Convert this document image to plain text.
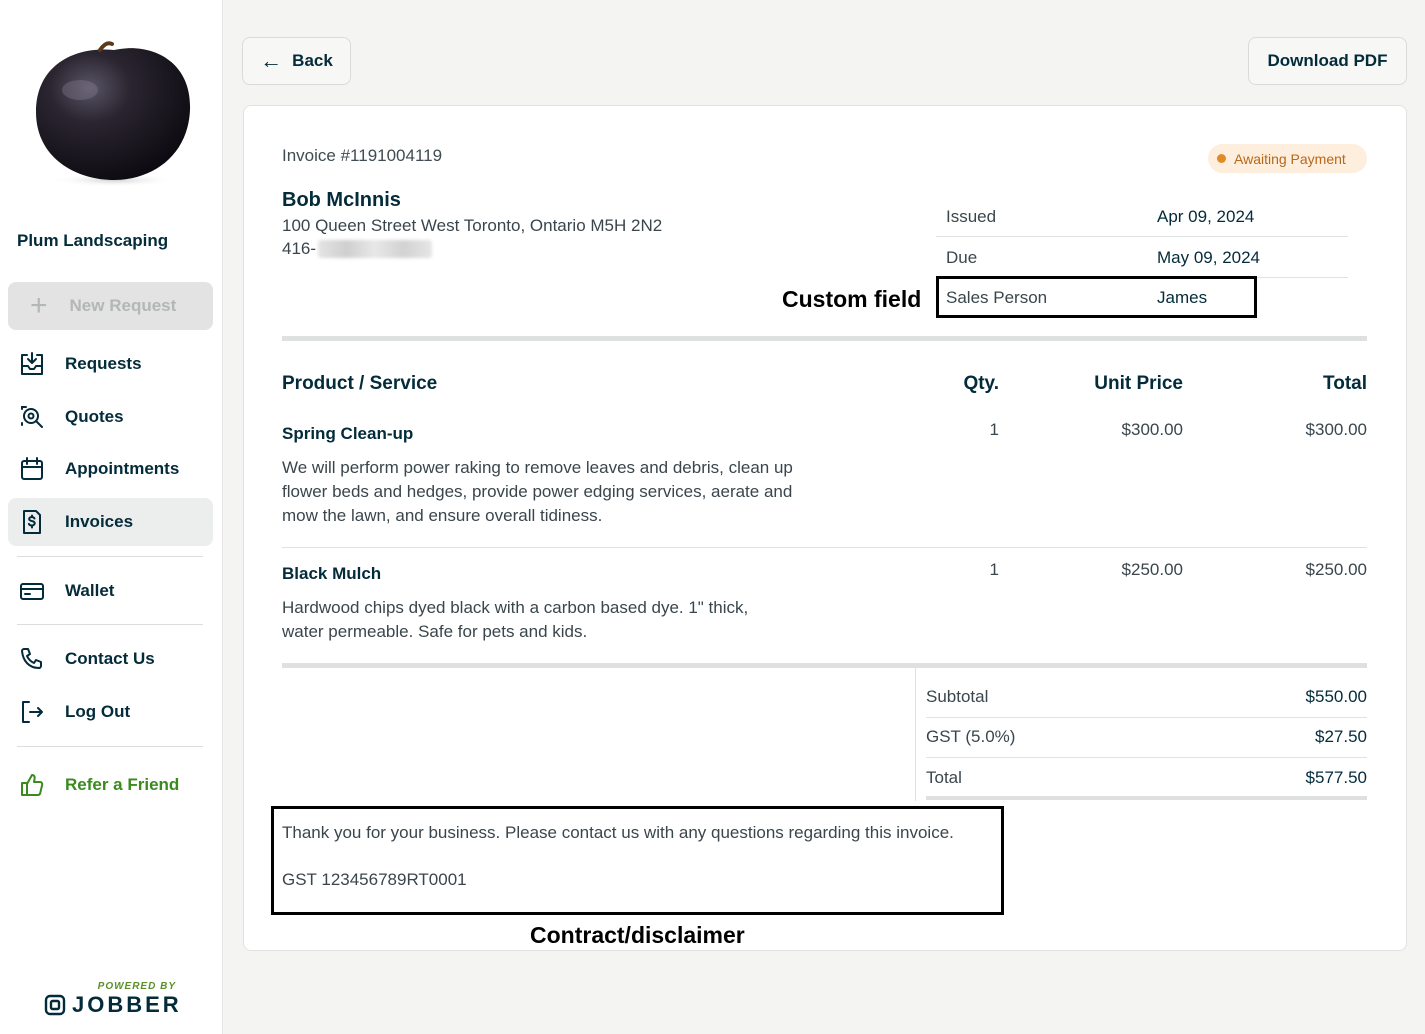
Plum Landscaping
+ New Request
Requests
Quotes
Appointments
Invoices
Wallet
Contact Us
Log Out
Refer a Friend
POWERED BY
JOBBER
← Back	Download PDF
Invoice #1191004119	Awaiting Payment
Bob McInnis
100 Queen Street West Toronto, Ontario M5H 2N2
416-
Issued	Apr 09, 2024
Due	May 09, 2024
Sales Person	James
Custom field
Product / Service	Qty.	Unit Price	Total
Spring Clean-up	1	$300.00	$300.00
We will perform power raking to remove leaves and debris, clean up flower beds and hedges, provide power edging services, aerate and mow the lawn, and ensure overall tidiness.
Black Mulch	1	$250.00	$250.00
Hardwood chips dyed black with a carbon based dye. 1" thick, water permeable. Safe for pets and kids.
Subtotal	$550.00
GST (5.0%)	$27.50
Total	$577.50
Thank you for your business. Please contact us with any questions regarding this invoice.
GST 123456789RT0001
Contract/disclaimer
